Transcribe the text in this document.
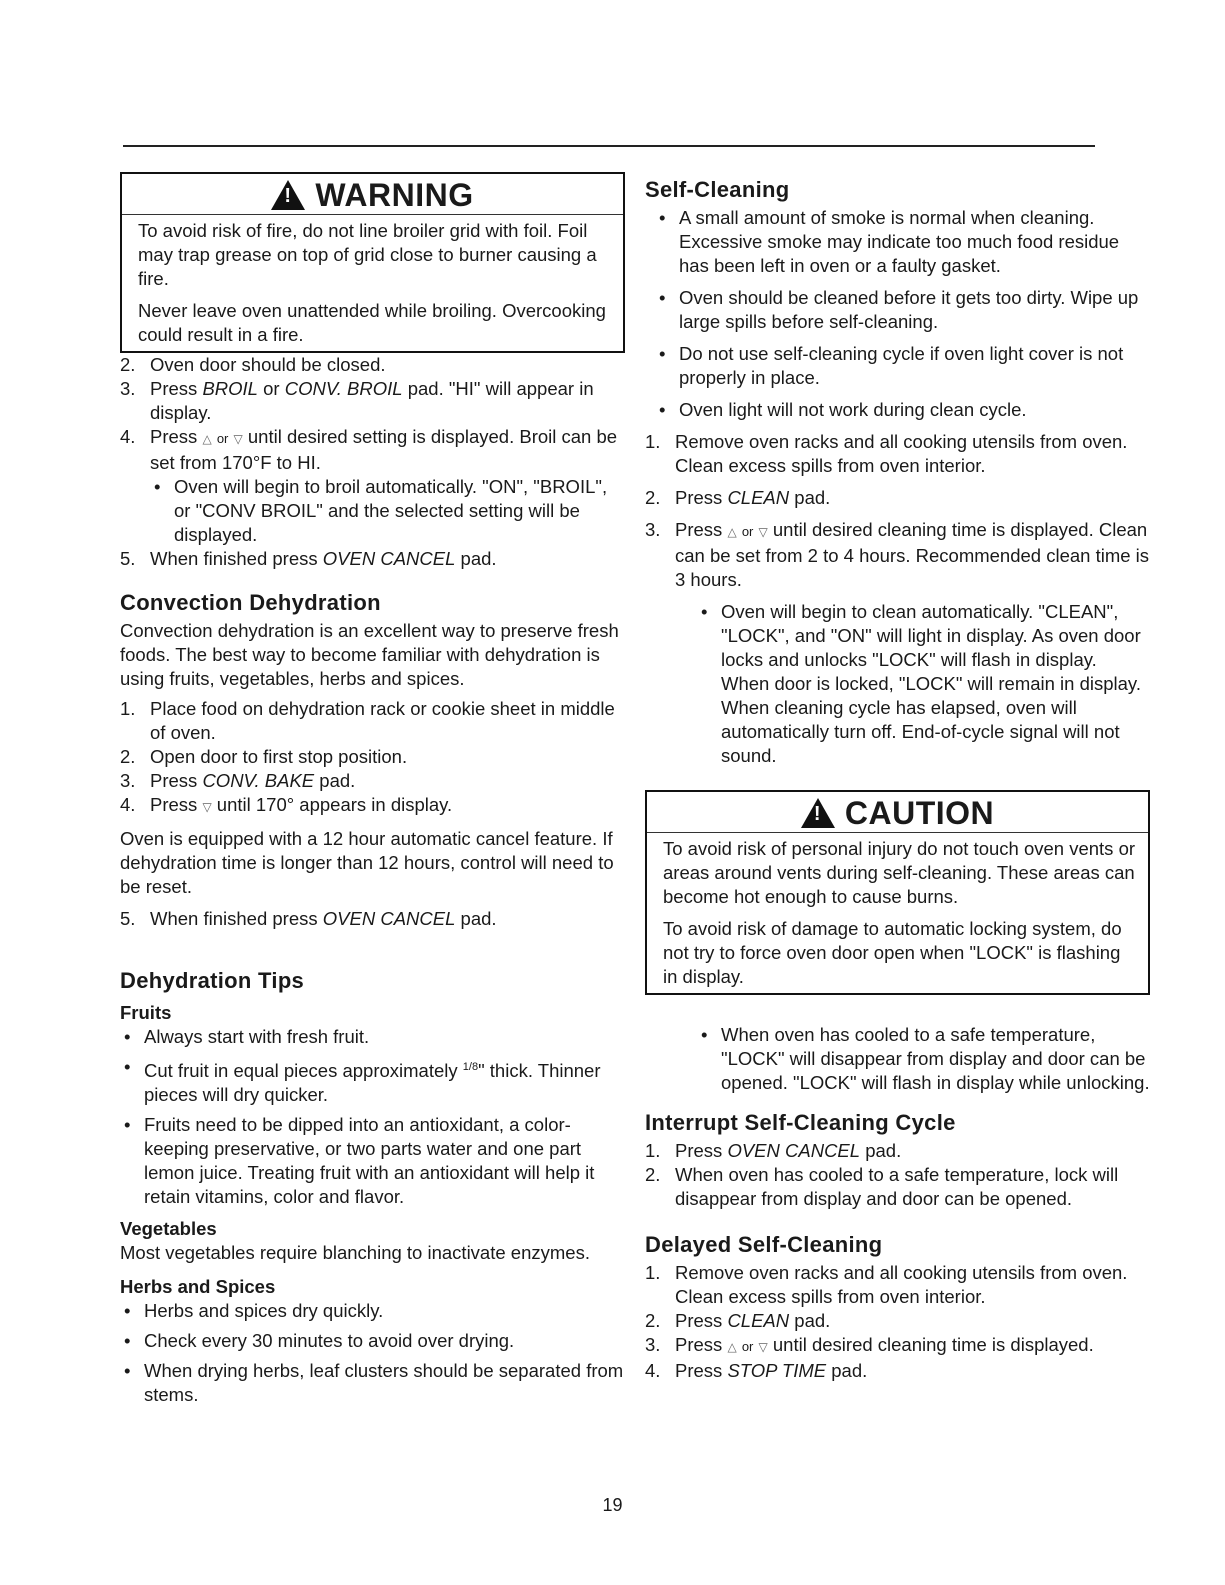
!
WARNING

To avoid risk of fire, do not line broiler grid with foil. Foil may trap grease on top of grid close to burner causing a fire.

Never leave oven unattended while broiling. Overcooking could result in a fire.

2. Oven door should be closed.
3. Press BROIL or CONV. BROIL pad. "HI" will appear in display.
4. Press △ or ▽ until desired setting is displayed. Broil can be set from 170°F to HI.
• Oven will begin to broil automatically. "ON", "BROIL", or "CONV BROIL" and the selected setting will be displayed.
5. When finished press OVEN CANCEL pad.
Convection Dehydration

Convection dehydration is an excellent way to preserve fresh foods. The best way to become familiar with dehydration is using fruits, vegetables, herbs and spices.

1. Place food on dehydration rack or cookie sheet in middle of oven.
2. Open door to first stop position.
3. Press CONV. BAKE pad.
4. Press ▽ until 170° appears in display.

Oven is equipped with a 12 hour automatic cancel feature. If dehydration time is longer than 12 hours, control will need to be reset.

5. When finished press OVEN CANCEL pad.
Dehydration Tips
Fruits
• Always start with fresh fruit.
• Cut fruit in equal pieces approximately $^{1/8}$" thick. Thinner pieces will dry quicker.
• Fruits need to be dipped into an antioxidant, a color-keeping preservative, or two parts water and one part lemon juice. Treating fruit with an antioxidant will help it retain vitamins, color and flavor.
Vegetables

Most vegetables require blanching to inactivate enzymes.

Herbs and Spices
• Herbs and spices dry quickly.
• Check every 30 minutes to avoid over drying.
• When drying herbs, leaf clusters should be separated from stems.
Self-Cleaning
• A small amount of smoke is normal when cleaning. Excessive smoke may indicate too much food residue has been left in oven or a faulty gasket.
• Oven should be cleaned before it gets too dirty. Wipe up large spills before self-cleaning.
• Do not use self-cleaning cycle if oven light cover is not properly in place.
• Oven light will not work during clean cycle.
1. Remove oven racks and all cooking utensils from oven. Clean excess spills from oven interior.
2. Press CLEAN pad.
3. Press △ or ▽ until desired cleaning time is displayed. Clean can be set from 2 to 4 hours. Recommended clean time is 3 hours.
• Oven will begin to clean automatically. "CLEAN", "LOCK", and "ON" will light in display. As oven door locks and unlocks "LOCK" will flash in display. When door is locked, "LOCK" will remain in display. When cleaning cycle has elapsed, oven will automatically turn off. End-of-cycle signal will not sound.
!
CAUTION

To avoid risk of personal injury do not touch oven vents or areas around vents during self-cleaning. These areas can become hot enough to cause burns.

To avoid risk of damage to automatic locking system, do not try to force oven door open when "LOCK" is flashing in display.

• When oven has cooled to a safe temperature, "LOCK" will disappear from display and door can be opened. "LOCK" will flash in display while unlocking.
Interrupt Self-Cleaning Cycle
1. Press OVEN CANCEL pad.
2. When oven has cooled to a safe temperature, lock will disappear from display and door can be opened.
Delayed Self-Cleaning
1. Remove oven racks and all cooking utensils from oven. Clean excess spills from oven interior.
2. Press CLEAN pad.
3. Press △ or ▽ until desired cleaning time is displayed.
4. Press STOP TIME pad.
19
